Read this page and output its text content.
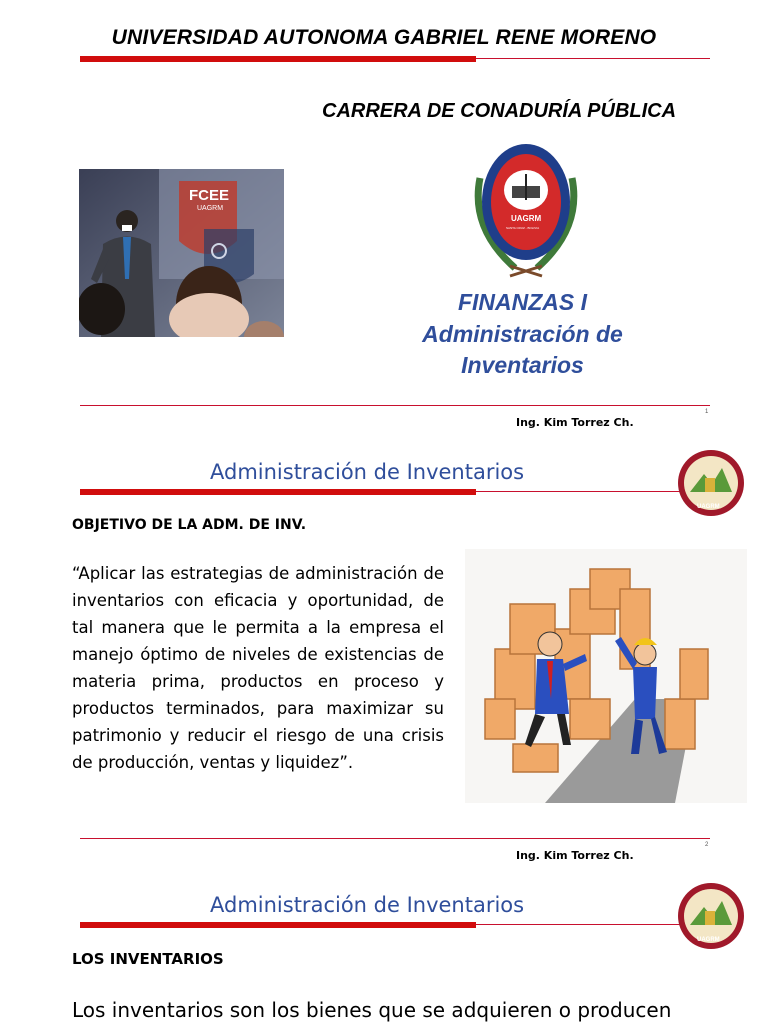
UNIVERSIDAD AUTONOMA GABRIEL RENE MORENO
CARRERA DE CONADURÍA PÚBLICA
FCEE
UAGRM
UAGRM
SANTA CRUZ - BOLIVIA
FINANZAS I
Administración de
Inventarios
1
Ing. Kim Torrez Ch.
Administración de Inventarios
UAGRM
OBJETIVO DE LA ADM. DE INV.
“Aplicar las estrategias de administración de inventarios con eficacia y oportunidad, de tal manera que le permita a la empresa el manejo óptimo de niveles de existencias de materia prima, productos en proceso y productos terminados, para maximizar su patrimonio y reducir el riesgo de una crisis de producción, ventas y liquidez”.
2
Ing. Kim Torrez Ch.
Administración de Inventarios
UAGRM
LOS INVENTARIOS
Los inventarios son los bienes que se adquieren o producen
